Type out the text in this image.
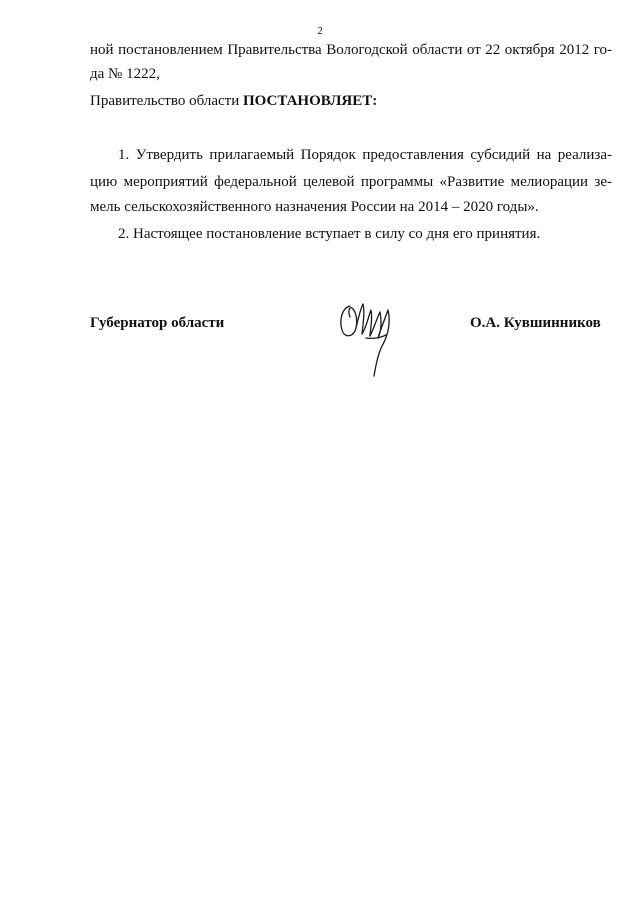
2
ной постановлением Правительства Вологодской области от 22 октября 2012 го-
да № 1222,
Правительство области ПОСТАНОВЛЯЕТ:
1. Утвердить прилагаемый Порядок предоставления субсидий на реализа-
цию мероприятий федеральной целевой программы «Развитие мелиорации зе-
мель сельскохозяйственного назначения России на 2014 – 2020 годы».
2. Настоящее постановление вступает в силу со дня его принятия.
Губернатор области	О.А. Кувшинников
